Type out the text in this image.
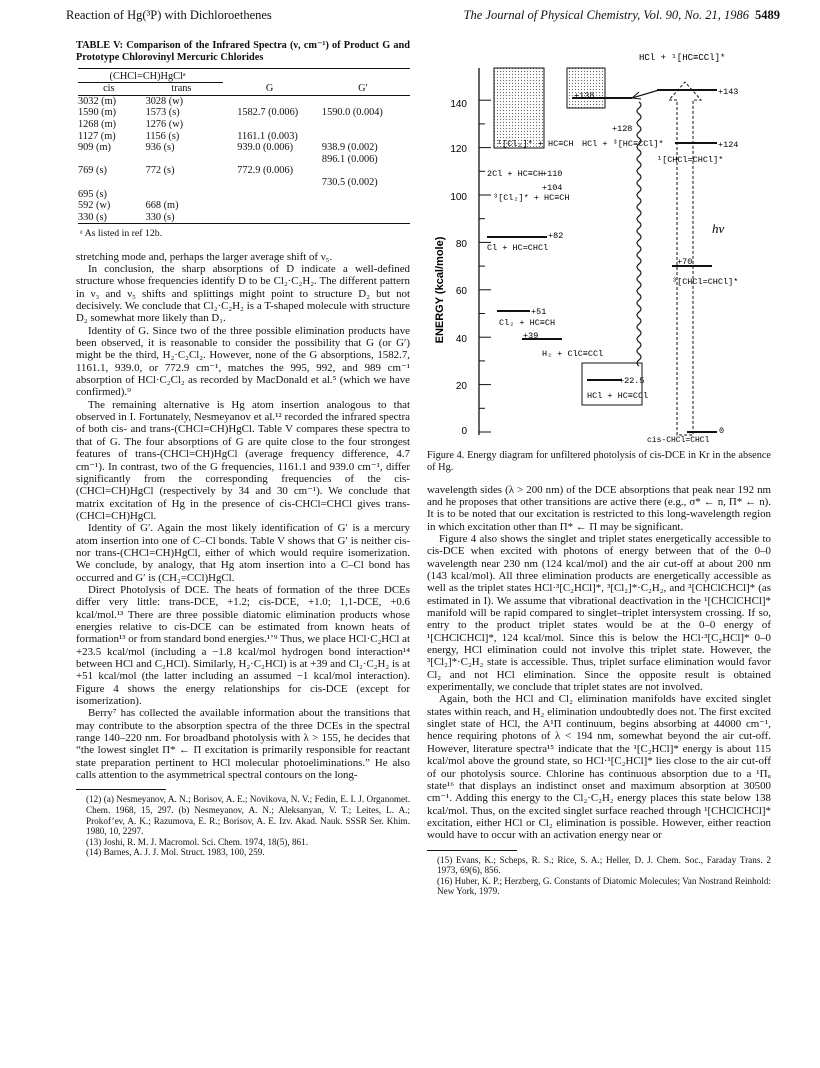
Reaction of Hg(³P) with Dichloroethenes	The Journal of Physical Chemistry, Vol. 90, No. 21, 1986 5489

TABLE V: Comparison of the Infrared Spectra (ν, cm⁻¹) of Product G and Prototype Chlorovinyl Mercuric Chlorides

(CHCl=CH)HgClᵃ			
cis	trans	G	G′
3032 (m)	3028 (w)		
1590 (m)	1573 (s)	1582.7 (0.006)	1590.0 (0.004)
1268 (m)	1276 (w)		
1127 (m)	1156 (s)	1161.1 (0.003)	
909 (m)	936 (s)	939.0 (0.006)	938.9 (0.002)
			896.1 (0.006)
769 (s)	772 (s)	772.9 (0.006)	
			730.5 (0.002)
695 (s)			
592 (w)	668 (m)		
330 (s)	330 (s)		

ᵃ As listed in ref 12b.

stretching mode and, perhaps the larger average shift of ν₅.

In conclusion, the sharp absorptions of D indicate a well-defined structure whose frequencies identify D to be Cl₂·C₂H₂. The different pattern in ν₃ and ν₅ shifts and splittings might point to structure D₂ but not decisively. We conclude that Cl₂·C₂H₂ is a T-shaped molecule with structure D₂ somewhat more likely than D₁.

Identity of G. Since two of the three possible elimination products have been observed, it is reasonable to consider the possibility that G (or G′) might be the third, H₂·C₂Cl₂. However, none of the G absorptions, 1582.7, 1161.1, 939.0, or 772.9 cm⁻¹, matches the 995, 992, and 989 cm⁻¹ absorption of HCl·C₂Cl₂ as recorded by MacDonald et al.⁵ (which we have confirmed).⁹

The remaining alternative is Hg atom insertion analogous to that observed in I. Fortunately, Nesmeyanov et al.¹² recorded the infrared spectra of both cis- and trans-(CHCl=CH)HgCl. Table V compares these spectra to that of G. The four absorptions of G are quite close to the four strongest features of trans-(CHCl=CH)HgCl (average frequency difference, 4.7 cm⁻¹). In contrast, two of the G frequencies, 1161.1 and 939.0 cm⁻¹, differ significantly from the corresponding frequencies of the cis-(CHCl=CH)HgCl (respectively by 34 and 30 cm⁻¹). We conclude that matrix excitation of Hg in the presence of cis-CHCl=CHCl gives trans-(CHCl=CH)HgCl.

Identity of G′. Again the most likely identification of G′ is a mercury atom insertion into one of C–Cl bonds. Table V shows that G′ is neither cis- nor trans-(CHCl=CH)HgCl, either of which would require isomerization. We conclude, by analogy, that Hg atom insertion into a C–Cl bond has occurred and G′ is (CH₂=CCl)HgCl.

Direct Photolysis of DCE. The heats of formation of the three DCEs differ very little: trans-DCE, +1.2; cis-DCE, +1.0; 1,1-DCE, +0.6 kcal/mol.¹³ There are three possible diatomic elimination products whose energies relative to cis-DCE can be estimated from known heats of formation¹³ or from standard bond energies.¹ʼ⁹ Thus, we place HCl·C₂HCl at +23.5 kcal/mol (including a −1.8 kcal/mol hydrogen bond interaction¹⁴ between HCl and C₂HCl). Similarly, H₂·C₂HCl) is at +39 and Cl₂·C₂H₂ is at +51 kcal/mol (the latter including an assumed −1 kcal/mol interaction). Figure 4 shows the energy relationships for cis-DCE (except for isomerization).

Berry⁷ has collected the available information about the transitions that may contribute to the absorption spectra of the three DCEs in the spectral range 140–220 nm. For broadband photolysis with λ > 155, he decides that “the lowest singlet Π* ← Π excitation is primarily responsible for reactant state preparation pertinent to HCl molecular photoeliminations.” He also calls attention to the asymmetrical spectral contours on the long-

(12) (a) Nesmeyanov, A. N.; Borisov, A. E.; Novikova, N. V.; Fedin, E. I. J. Organomet. Chem. 1968, 15, 297. (b) Nesmeyanov, A. N.; Aleksanyan, V. T.; Leites, L. A.; Prokof’ev, A. K.; Razumova, E. R.; Borisov, A. E. Izv. Akad. Nauk. SSSR Ser. Khim. 1980, 10, 2297.

(13) Joshi, R. M. J. Macromol. Sci. Chem. 1974, 18(5), 861.

(14) Barnes, A. J. J. Mol. Struct. 1983, 100, 259.

ENERGY (kcal/mole)
140
120
100
80
60
40
20
0
HCl + ¹[HC≡CCl]*
+138	+143
+128
HCl + ³[HC≡CCl]*	+124
¹[CHCl=CHCl]*
¹[Cl₂]* + HC≡CH
hν
2Cl + HC≡CH
+110
+104
³[Cl₂]* + HC≡CH
+82
Cl + HC=CHCl
+70
³[CHCl=CHCl]*
+51
Cl₂ + HC≡CH
+39
H₂ + ClC≡CCl
+22.5
HCl + HC≡CCl
0
cis-CHCl=CHCl

Figure 4. Energy diagram for unfiltered photolysis of cis-DCE in Kr in the absence of Hg.

wavelength sides (λ > 200 nm) of the DCE absorptions that peak near 192 nm and he proposes that other transitions are active there (e.g., σ* ← n, Π* ← n). It is to be noted that our excitation is restricted to this long-wavelength region in which excitation other than Π* ← Π may be significant.

Figure 4 also shows the singlet and triplet states energetically accessible to cis-DCE when excited with photons of energy between that of the 0–0 wavelength near 230 nm (124 kcal/mol) and the air cut-off at about 200 nm (143 kcal/mol). All three elimination products are energetically accessible as well as the triplet states HCl·³[C₂HCl]*, ³[Cl₂]*·C₂H₂, and ³[CHClCHCl]* (as estimated in I). We assume that vibrational deactivation in the ¹[CHClCHCl]* manifold will be rapid compared to singlet–triplet intersystem crossing. If so, entry to the product triplet states would be at the 0–0 energy of ¹[CHClCHCl]*, 124 kcal/mol. Since this is below the HCl·³[C₂HCl]* 0–0 energy, HCl elimination could not involve this triplet state. However, the ³[Cl₂]*·C₂H₂ state is accessible. Thus, triplet surface elimination would favor Cl₂ and not HCl elimination. Since the opposite result is obtained experimentally, we conclude that triplet states are not involved.

Again, both the HCl and Cl₂ elimination manifolds have excited singlet states within reach, and H₂ elimination undoubtedly does not. The first excited singlet state of HCl, the A¹Π continuum, begins absorbing at 44000 cm⁻¹, hence requiring photons of λ < 194 nm, somewhat beyond the air cut-off. However, literature spectra¹⁵ indicate that the ¹[C₂HCl]* energy is about 115 kcal/mol above the ground state, so HCl·¹[C₂HCl]* lies close to the air cut-off of our photolysis source. Chlorine has continuous absorption due to a ¹Πᵤ state¹⁶ that displays an indistinct onset and maximum absorption at 30500 cm⁻¹. Adding this energy to the Cl₂·C₂H₂ energy places this state below 138 kcal/mol. Thus, on the excited singlet surface reached through ¹[CHClCHCl]* excitation, either HCl or Cl₂ elimination is possible. However, either reaction would have to occur with an activation energy near or

(15) Evans, K.; Scheps, R. S.; Rice, S. A.; Heller, D. J. Chem. Soc., Faraday Trans. 2 1973, 69(6), 856.

(16) Huber, K. P.; Herzberg, G. Constants of Diatomic Molecules; Van Nostrand Reinhold: New York, 1979.
